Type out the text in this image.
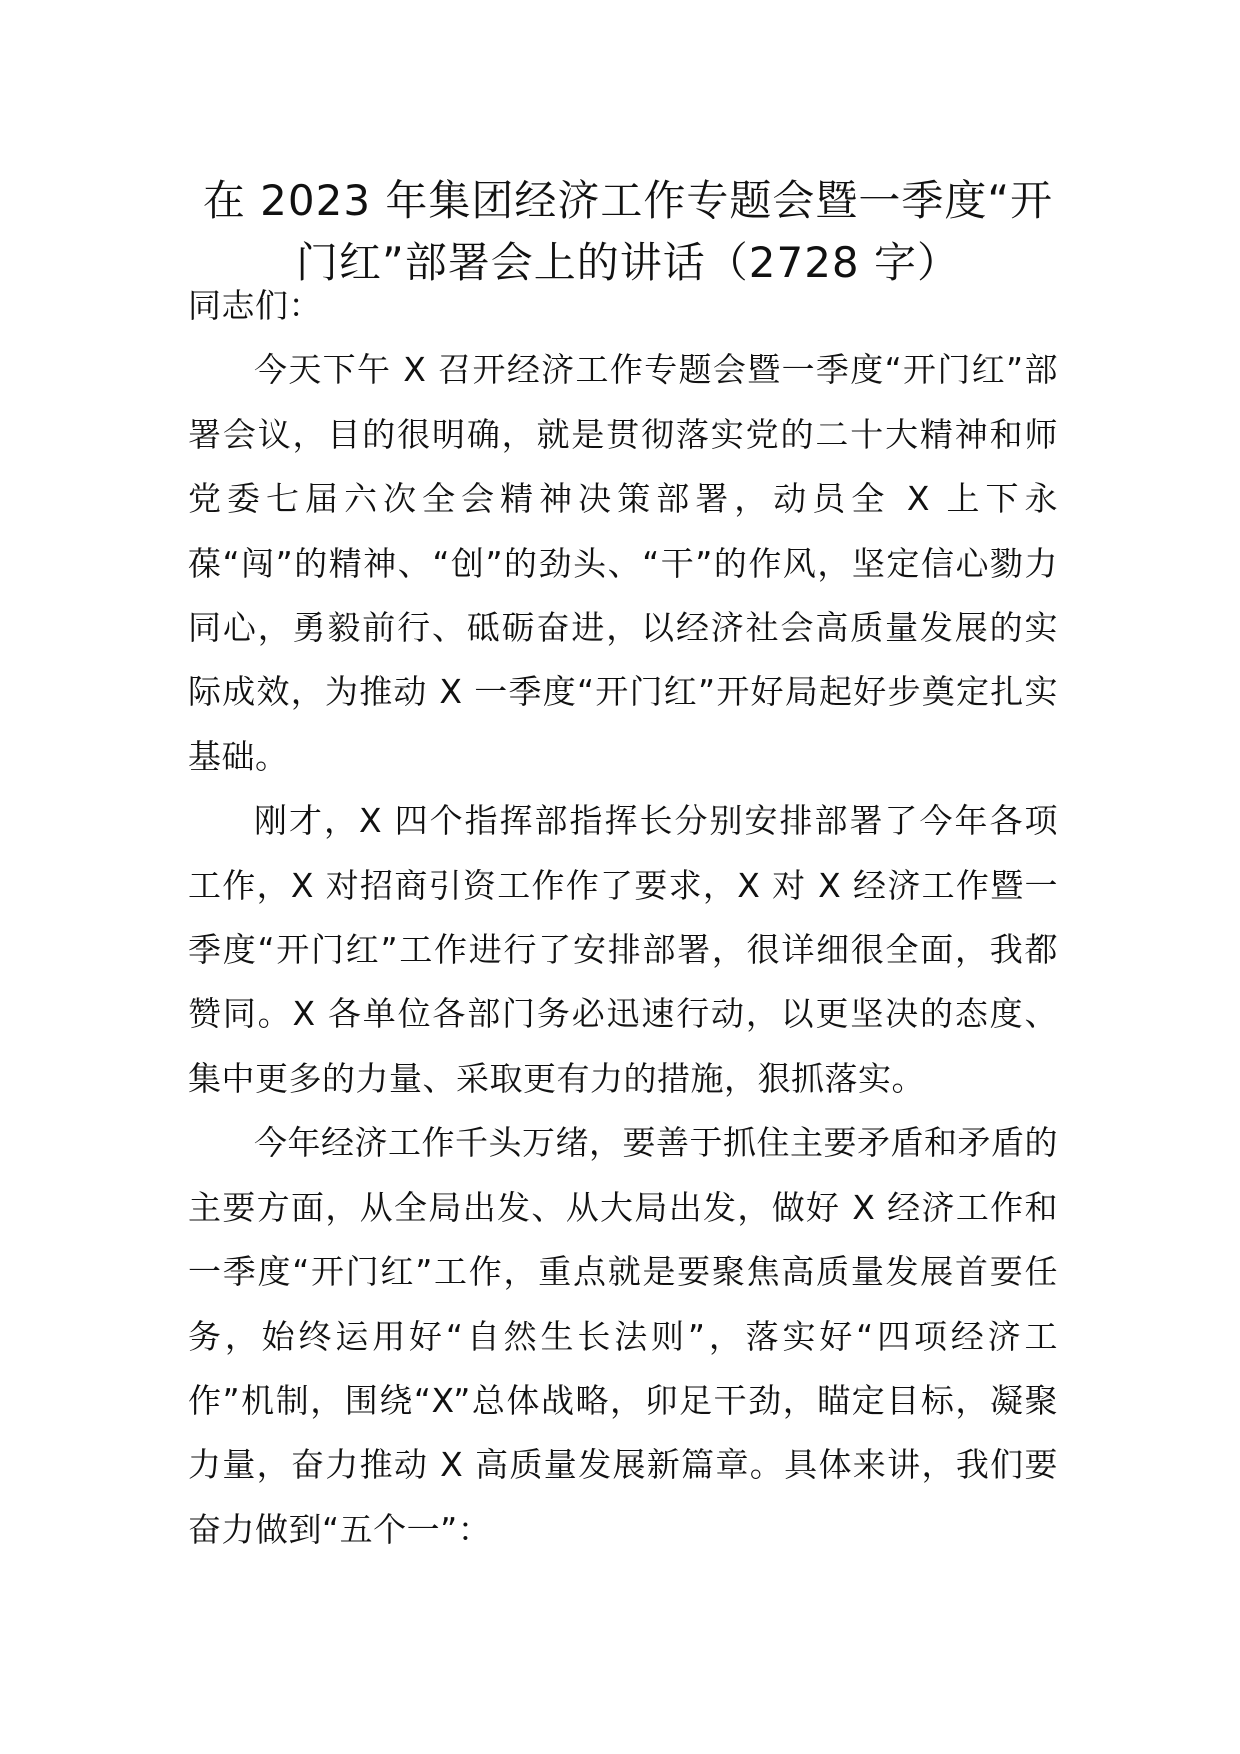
在 2023 年集团经济工作专题会暨一季度“开门红”部署会上的讲话（2728 字）

同志们：

今天下午 X 召开经济工作专题会暨一季度“开门红”部署会议，目的很明确，就是贯彻落实党的二十大精神和师党委七届六次全会精神决策部署，动员全 X 上下永葆“闯”的精神、“创”的劲头、“干”的作风，坚定信心勠力同心，勇毅前行、砥砺奋进，以经济社会高质量发展的实际成效，为推动 X 一季度“开门红”开好局起好步奠定扎实基础。

刚才，X 四个指挥部指挥长分别安排部署了今年各项工作，X 对招商引资工作作了要求，X 对 X 经济工作暨一季度“开门红”工作进行了安排部署，很详细很全面，我都赞同。X 各单位各部门务必迅速行动，以更坚决的态度、集中更多的力量、采取更有力的措施，狠抓落实。

今年经济工作千头万绪，要善于抓住主要矛盾和矛盾的主要方面，从全局出发、从大局出发，做好 X 经济工作和一季度“开门红”工作，重点就是要聚焦高质量发展首要任务，始终运用好“自然生长法则”，落实好“四项经济工作”机制，围绕“X”总体战略，卯足干劲，瞄定目标，凝聚力量，奋力推动 X 高质量发展新篇章。具体来讲，我们要奋力做到“五个一”：
